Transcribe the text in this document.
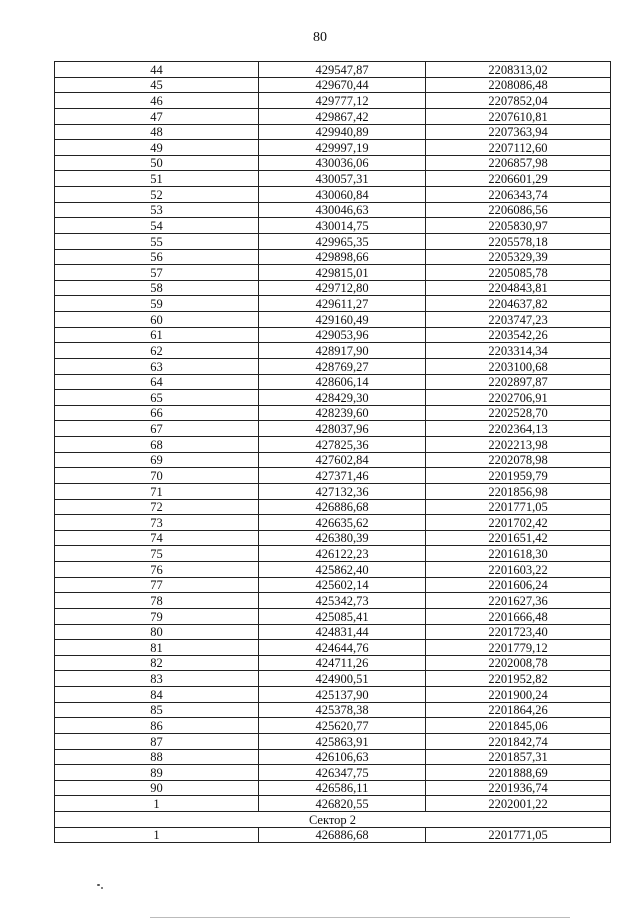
80
44	429547,87	2208313,02
45	429670,44	2208086,48
46	429777,12	2207852,04
47	429867,42	2207610,81
48	429940,89	2207363,94
49	429997,19	2207112,60
50	430036,06	2206857,98
51	430057,31	2206601,29
52	430060,84	2206343,74
53	430046,63	2206086,56
54	430014,75	2205830,97
55	429965,35	2205578,18
56	429898,66	2205329,39
57	429815,01	2205085,78
58	429712,80	2204843,81
59	429611,27	2204637,82
60	429160,49	2203747,23
61	429053,96	2203542,26
62	428917,90	2203314,34
63	428769,27	2203100,68
64	428606,14	2202897,87
65	428429,30	2202706,91
66	428239,60	2202528,70
67	428037,96	2202364,13
68	427825,36	2202213,98
69	427602,84	2202078,98
70	427371,46	2201959,79
71	427132,36	2201856,98
72	426886,68	2201771,05
73	426635,62	2201702,42
74	426380,39	2201651,42
75	426122,23	2201618,30
76	425862,40	2201603,22
77	425602,14	2201606,24
78	425342,73	2201627,36
79	425085,41	2201666,48
80	424831,44	2201723,40
81	424644,76	2201779,12
82	424711,26	2202008,78
83	424900,51	2201952,82
84	425137,90	2201900,24
85	425378,38	2201864,26
86	425620,77	2201845,06
87	425863,91	2201842,74
88	426106,63	2201857,31
89	426347,75	2201888,69
90	426586,11	2201936,74
1	426820,55	2202001,22
Сектор 2		
1	426886,68	2201771,05
